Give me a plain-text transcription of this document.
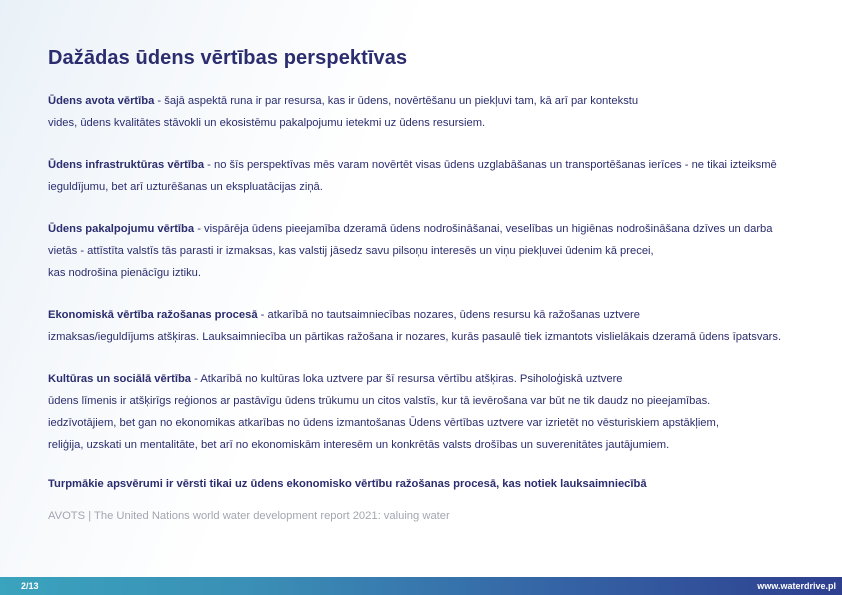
Dažādas ūdens vērtības perspektīvas
Ūdens avota vērtība - šajā aspektā runa ir par resursa, kas ir ūdens, novērtēšanu un piekļuvi tam, kā arī par kontekstu
vides, ūdens kvalitātes stāvokli un ekosistēmu pakalpojumu ietekmi uz ūdens resursiem.
Ūdens infrastruktūras vērtība - no šīs perspektīvas mēs varam novērtēt visas ūdens uzglabāšanas un transportēšanas ierīces - ne tikai izteiksmē
ieguldījumu, bet arī uzturēšanas un ekspluatācijas ziņā.
Ūdens pakalpojumu vērtība - vispārēja ūdens pieejamība dzeramā ūdens nodrošināšanai, veselības un higiēnas nodrošināšana dzīves un darba
vietās - attīstīta valstīs tās parasti ir izmaksas, kas valstij jāsedz savu pilsoņu interesēs un viņu piekļuvei ūdenim kā precei,
kas nodrošina pienācīgu iztiku.
Ekonomiskā vērtība ražošanas procesā - atkarībā no tautsaimniecības nozares, ūdens resursu kā ražošanas uztvere
izmaksas/ieguldījums atšķiras. Lauksaimniecība un pārtikas ražošana ir nozares, kurās pasaulē tiek izmantots vislielākais dzeramā ūdens īpatsvars.
Kultūras un sociālā vērtība - Atkarībā no kultūras loka uztvere par šī resursa vērtību atšķiras. Psiholoģiskā uztvere
ūdens līmenis ir atšķirīgs reģionos ar pastāvīgu ūdens trūkumu un citos valstīs, kur tā ievērošana var būt ne tik daudz no pieejamības.
iedzīvotājiem, bet gan no ekonomikas atkarības no ūdens izmantošanas Ūdens vērtības uztvere var izrietēt no vēsturiskiem apstākļiem,
reliģija, uzskati un mentalitāte, bet arī no ekonomiskām interesēm un konkrētās valsts drošības un suverenitātes jautājumiem.
Turpmākie apsvērumi ir vērsti tikai uz ūdens ekonomisko vērtību ražošanas procesā, kas notiek lauksaimniecībā
AVOTS | The United Nations world water development report 2021: valuing water
2/13	www.waterdrive.pl
